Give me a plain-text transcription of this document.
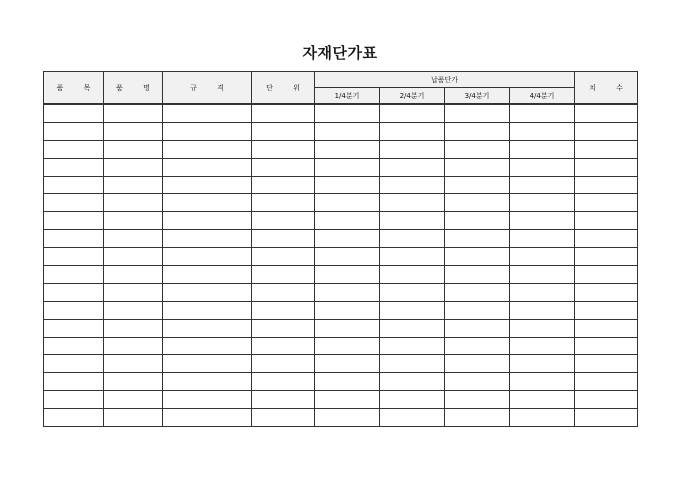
자재단가표
품 목	품 명	규 격	단 위	납품단가				치 수
				1/4분기	2/4분기	3/4분기	4/4분기	
